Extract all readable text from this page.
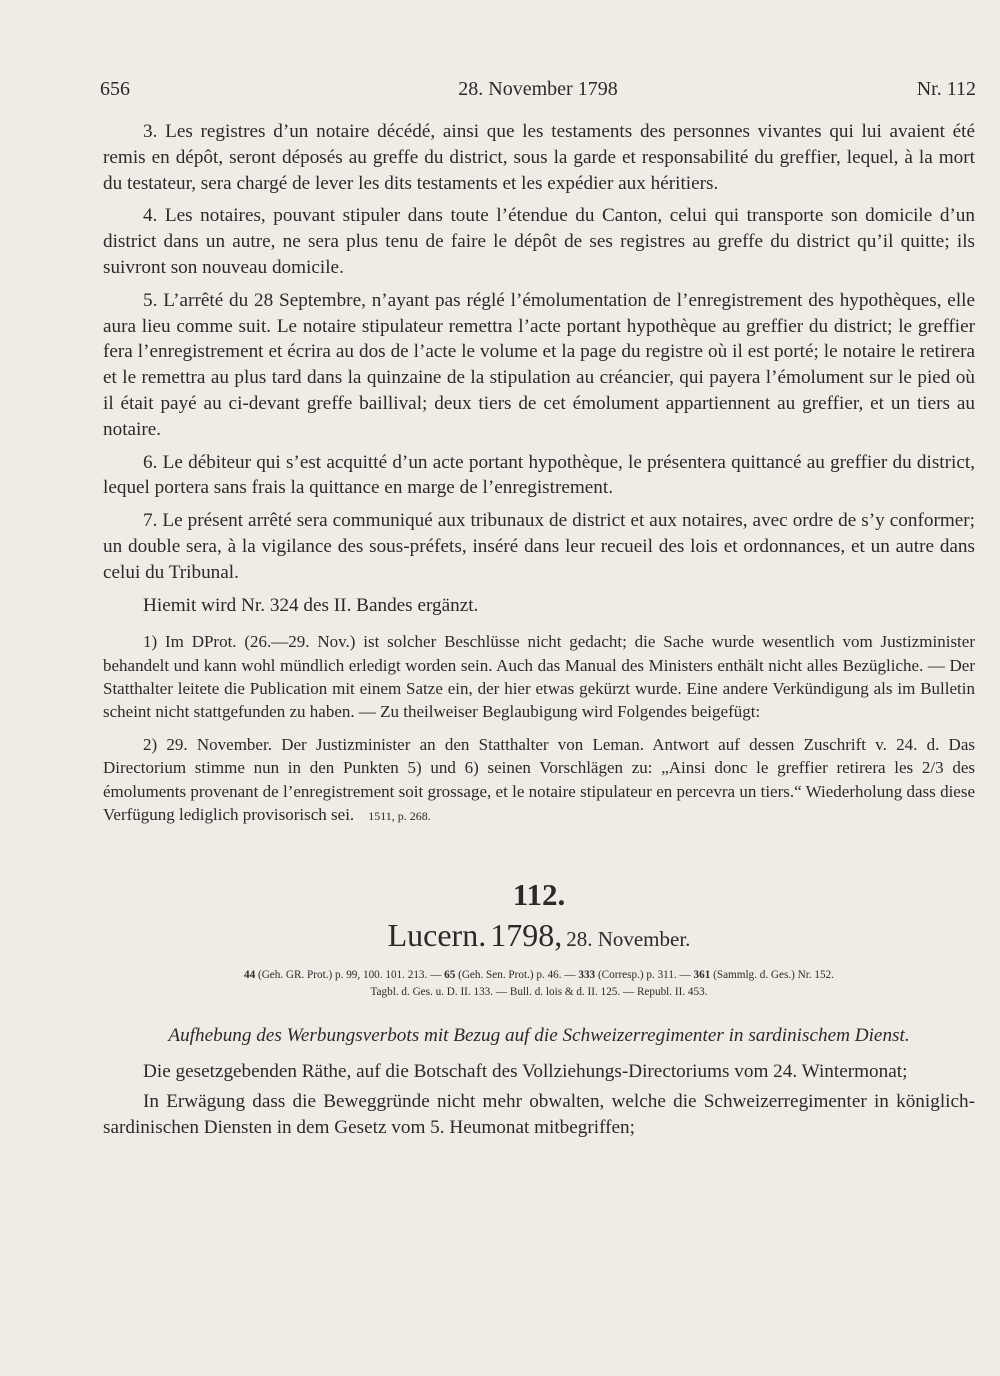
656	28. November 1798	Nr. 112

3. Les registres d’un notaire décédé, ainsi que les testaments des personnes vivantes qui lui avaient été remis en dépôt, seront déposés au greffe du district, sous la garde et responsabilité du greffier, lequel, à la mort du testateur, sera chargé de lever les dits testaments et les expédier aux héritiers.

4. Les notaires, pouvant stipuler dans toute l’étendue du Canton, celui qui transporte son domicile d’un district dans un autre, ne sera plus tenu de faire le dépôt de ses registres au greffe du district qu’il quitte; ils suivront son nouveau domicile.

5. L’arrêté du 28 Septembre, n’ayant pas réglé l’émolumentation de l’enregistrement des hypothèques, elle aura lieu comme suit. Le notaire stipulateur remettra l’acte portant hypothèque au greffier du district; le greffier fera l’enregistrement et écrira au dos de l’acte le volume et la page du registre où il est porté; le notaire le retirera et le remettra au plus tard dans la quinzaine de la stipulation au créancier, qui payera l’émolument sur le pied où il était payé au ci-devant greffe baillival; deux tiers de cet émolument appartiennent au greffier, et un tiers au notaire.

6. Le débiteur qui s’est acquitté d’un acte portant hypothèque, le présentera quittancé au greffier du district, lequel portera sans frais la quittance en marge de l’enregistrement.

7. Le présent arrêté sera communiqué aux tribunaux de district et aux notaires, avec ordre de s’y conformer; un double sera, à la vigilance des sous-préfets, inséré dans leur recueil des lois et ordonnances, et un autre dans celui du Tribunal.

Hiemit wird Nr. 324 des II. Bandes ergänzt.

1) Im DProt. (26.—29. Nov.) ist solcher Beschlüsse nicht gedacht; die Sache wurde wesentlich vom Justizminister behandelt und kann wohl mündlich erledigt worden sein. Auch das Manual des Ministers enthält nicht alles Bezügliche. — Der Statthalter leitete die Publication mit einem Satze ein, der hier etwas gekürzt wurde. Eine andere Verkündigung als im Bulletin scheint nicht stattgefunden zu haben. — Zu theilweiser Beglaubigung wird Folgendes beigefügt:

2) 29. November. Der Justizminister an den Statthalter von Leman. Antwort auf dessen Zuschrift v. 24. d. Das Directorium stimme nun in den Punkten 5) und 6) seinen Vorschlägen zu: „Ainsi donc le greffier retirera les 2/3 des émoluments provenant de l’enregistrement soit grossage, et le notaire stipulateur en percevra un tiers.“ Wiederholung dass diese Verfügung lediglich provisorisch sei. 1511, p. 268.

112.
Lucern. 1798, 28. November.
44 (Geh. GR. Prot.) p. 99, 100. 101. 213. — 65 (Geh. Sen. Prot.) p. 46. — 333 (Corresp.) p. 311. — 361 (Sammlg. d. Ges.) Nr. 152.
Tagbl. d. Ges. u. D. II. 133. — Bull. d. lois & d. II. 125. — Republ. II. 453.

Aufhebung des Werbungsverbots mit Bezug auf die Schweizerregimenter in sardinischem Dienst.

Die gesetzgebenden Räthe, auf die Botschaft des Vollziehungs-Directoriums vom 24. Wintermonat;

In Erwägung dass die Beweggründe nicht mehr obwalten, welche die Schweizerregimenter in königlich-sardinischen Diensten in dem Gesetz vom 5. Heumonat mitbegriffen;
